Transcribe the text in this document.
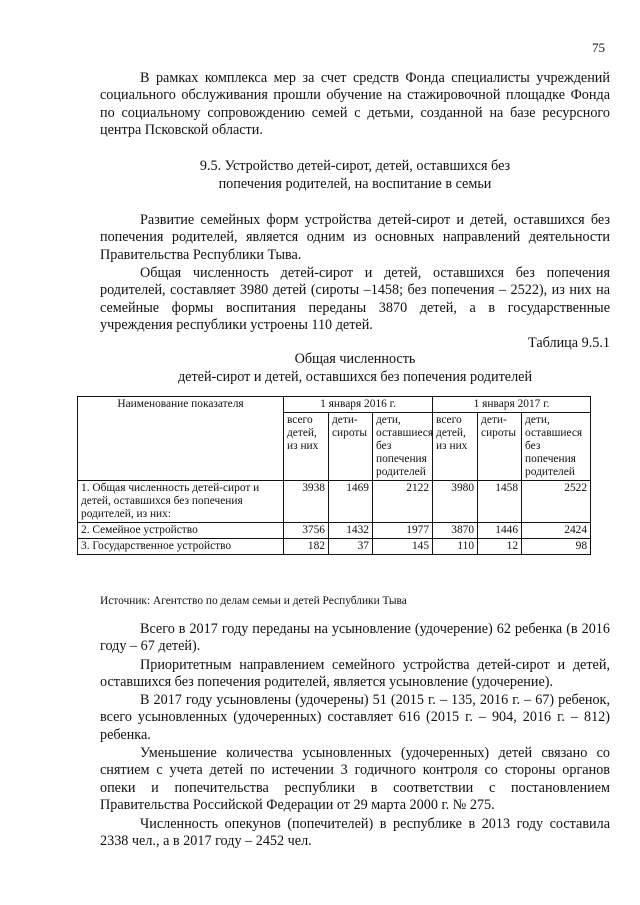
75

В рамках комплекса мер за счет средств Фонда специалисты учреждений социального обслуживания прошли обучение на стажировочной площадке Фонда по социальному сопровождению семей с детьми, созданной на базе ресурсного центра Псковской области.

9.5. Устройство детей-сирот, детей, оставшихся без

попечения родителей, на воспитание в семьи

Развитие семейных форм устройства детей-сирот и детей, оставшихся без попечения родителей, является одним из основных направлений деятельности Правительства Республики Тыва.

Общая численность детей-сирот и детей, оставшихся без попечения родителей, составляет 3980 детей (сироты –1458; без попечения – 2522), из них на семейные формы воспитания переданы 3870 детей, а в государственные учреждения республики устроены 110 детей.

Таблица 9.5.1

Общая численность

детей-сирот и детей, оставшихся без попечения родителей

Наименование показателя	1 января 2016 г.			1 января 2017 г.		
	всего детей, из них	дети-сироты	дети, оставшиеся без попечения родителей	всего детей, из них	дети-сироты	дети, оставшиеся без попечения родителей
1. Общая численность детей-сирот и детей, оставшихся без попечения родителей, из них:	3938	1469	2122	3980	1458	2522
2. Семейное устройство	3756	1432	1977	3870	1446	2424
3. Государственное устройство	182	37	145	110	12	98

Источник: Агентство по делам семьи и детей Республики Тыва

Всего в 2017 году переданы на усыновление (удочерение) 62 ребенка (в 2016 году – 67 детей).

Приоритетным направлением семейного устройства детей-сирот и детей, оставшихся без попечения родителей, является усыновление (удочерение).

В 2017 году усыновлены (удочерены) 51 (2015 г. – 135, 2016 г. – 67) ребенок, всего усыновленных (удочеренных) составляет 616 (2015 г. – 904, 2016 г. – 812) ребенка.

Уменьшение количества усыновленных (удочеренных) детей связано со снятием с учета детей по истечении 3 годичного контроля со стороны органов опеки и попечительства республики в соответствии с постановлением Правительства Российской Федерации от 29 марта 2000 г. № 275.

Численность опекунов (попечителей) в республике в 2013 году составила 2338 чел., а в 2017 году – 2452 чел.
